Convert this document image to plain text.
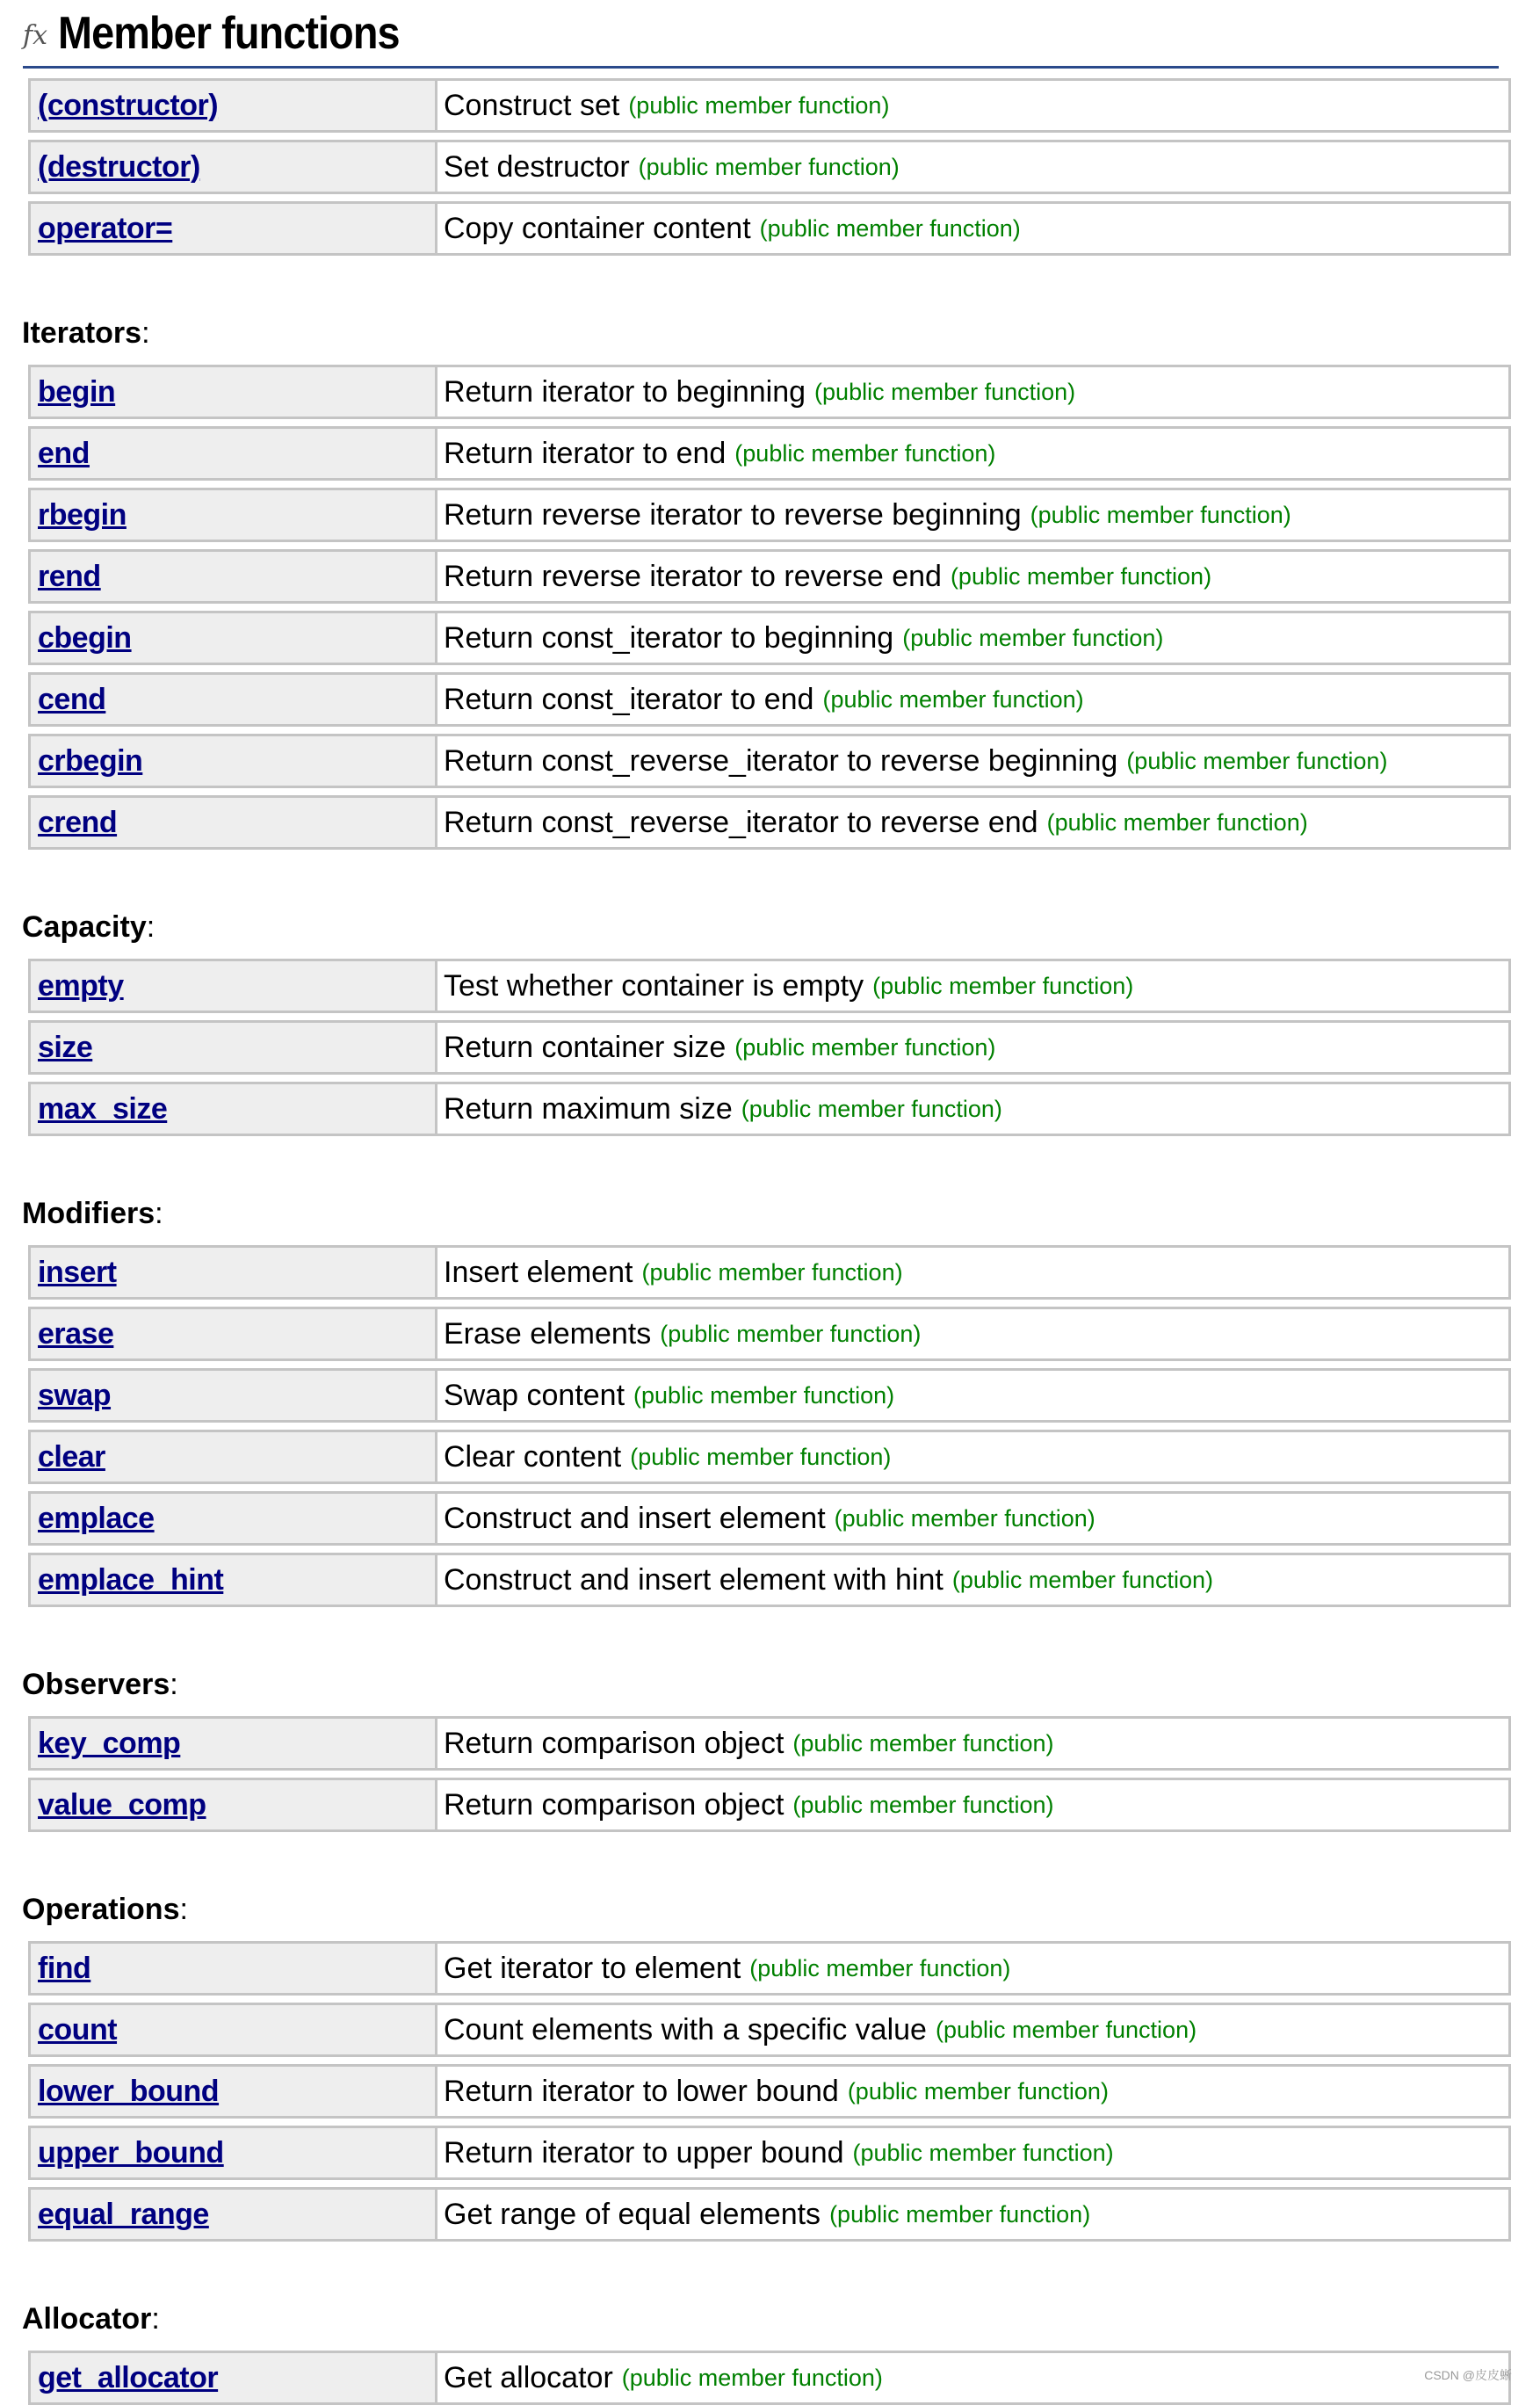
fx Member functions
(constructor)	Construct set (public member function)
(destructor)	Set destructor (public member function)
operator=	Copy container content (public member function)
Iterators:
begin	Return iterator to beginning (public member function)
end	Return iterator to end (public member function)
rbegin	Return reverse iterator to reverse beginning (public member function)
rend	Return reverse iterator to reverse end (public member function)
cbegin	Return const_iterator to beginning (public member function)
cend	Return const_iterator to end (public member function)
crbegin	Return const_reverse_iterator to reverse beginning (public member function)
crend	Return const_reverse_iterator to reverse end (public member function)
Capacity:
empty	Test whether container is empty (public member function)
size	Return container size (public member function)
max_size	Return maximum size (public member function)
Modifiers:
insert	Insert element (public member function)
erase	Erase elements (public member function)
swap	Swap content (public member function)
clear	Clear content (public member function)
emplace	Construct and insert element (public member function)
emplace_hint	Construct and insert element with hint (public member function)
Observers:
key_comp	Return comparison object (public member function)
value_comp	Return comparison object (public member function)
Operations:
find	Get iterator to element (public member function)
count	Count elements with a specific value (public member function)
lower_bound	Return iterator to lower bound (public member function)
upper_bound	Return iterator to upper bound (public member function)
equal_range	Get range of equal elements (public member function)
Allocator:
get_allocator	Get allocator (public member function)	CSDN @皮皮蜥
